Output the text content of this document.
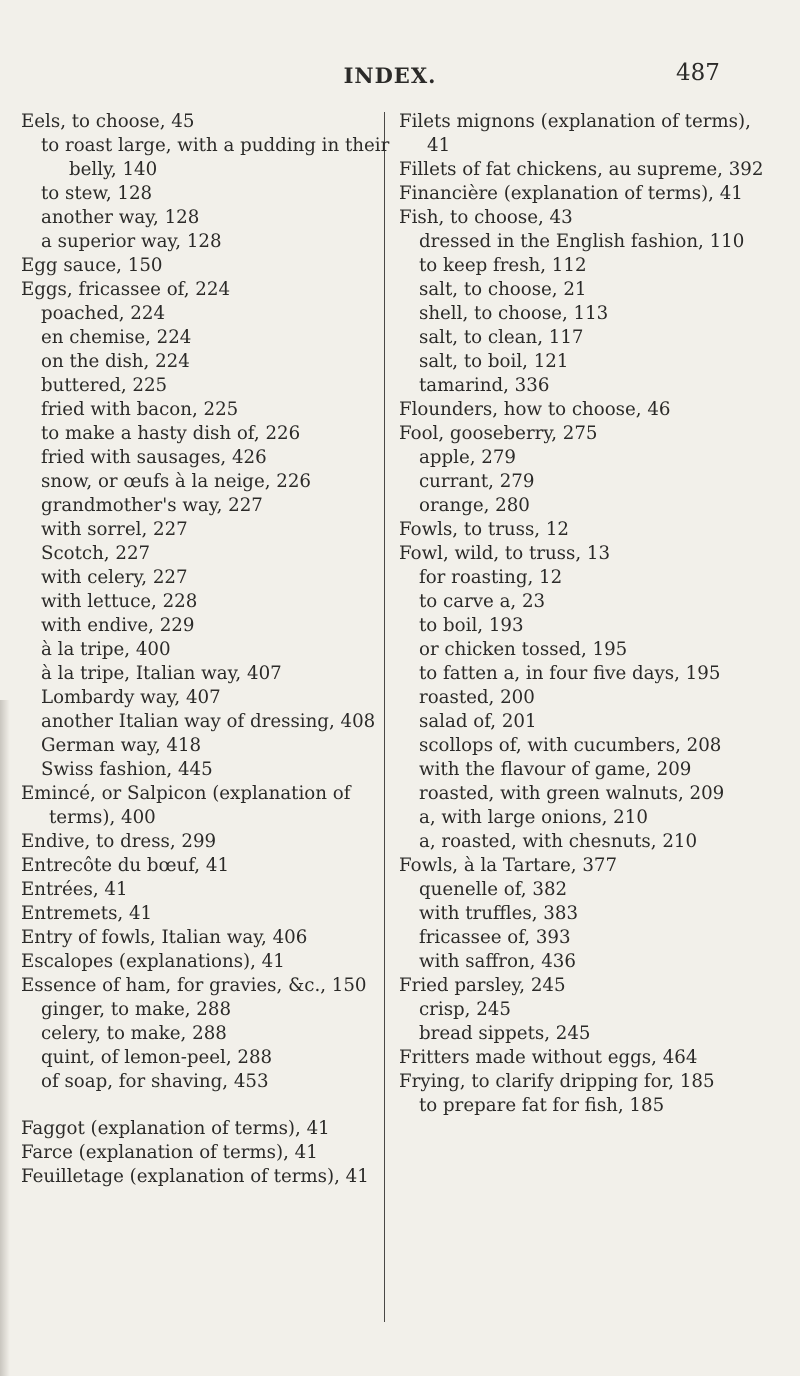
INDEX.	487

Eels, to choose, 45

to roast large, with a pudding in their belly, 140

to stew, 128

another way, 128

a superior way, 128

Egg sauce, 150

Eggs, fricassee of, 224

poached, 224

en chemise, 224

on the dish, 224

buttered, 225

fried with bacon, 225

to make a hasty dish of, 226

fried with sausages, 426

snow, or œufs à la neige, 226

grandmother's way, 227

with sorrel, 227

Scotch, 227

with celery, 227

with lettuce, 228

with endive, 229

à la tripe, 400

à la tripe, Italian way, 407

Lombardy way, 407

another Italian way of dressing, 408

German way, 418

Swiss fashion, 445

Emincé, or Salpicon (explanation of terms), 400

Endive, to dress, 299

Entrecôte du bœuf, 41

Entrées, 41

Entremets, 41

Entry of fowls, Italian way, 406

Escalopes (explanations), 41

Essence of ham, for gravies, &c., 150

ginger, to make, 288

celery, to make, 288

quint, of lemon-peel, 288

of soap, for shaving, 453

Faggot (explanation of terms), 41

Farce (explanation of terms), 41

Feuilletage (explanation of terms), 41

Filets mignons (explanation of terms), 41

Fillets of fat chickens, au supreme, 392

Financière (explanation of terms), 41

Fish, to choose, 43

dressed in the English fashion, 110

to keep fresh, 112

salt, to choose, 21

shell, to choose, 113

salt, to clean, 117

salt, to boil, 121

tamarind, 336

Flounders, how to choose, 46

Fool, gooseberry, 275

apple, 279

currant, 279

orange, 280

Fowls, to truss, 12

Fowl, wild, to truss, 13

for roasting, 12

to carve a, 23

to boil, 193

or chicken tossed, 195

to fatten a, in four five days, 195

roasted, 200

salad of, 201

scollops of, with cucumbers, 208

with the flavour of game, 209

roasted, with green walnuts, 209

a, with large onions, 210

a, roasted, with chesnuts, 210

Fowls, à la Tartare, 377

quenelle of, 382

with truffles, 383

fricassee of, 393

with saffron, 436

Fried parsley, 245

crisp, 245

bread sippets, 245

Fritters made without eggs, 464

Frying, to clarify dripping for, 185

to prepare fat for fish, 185
